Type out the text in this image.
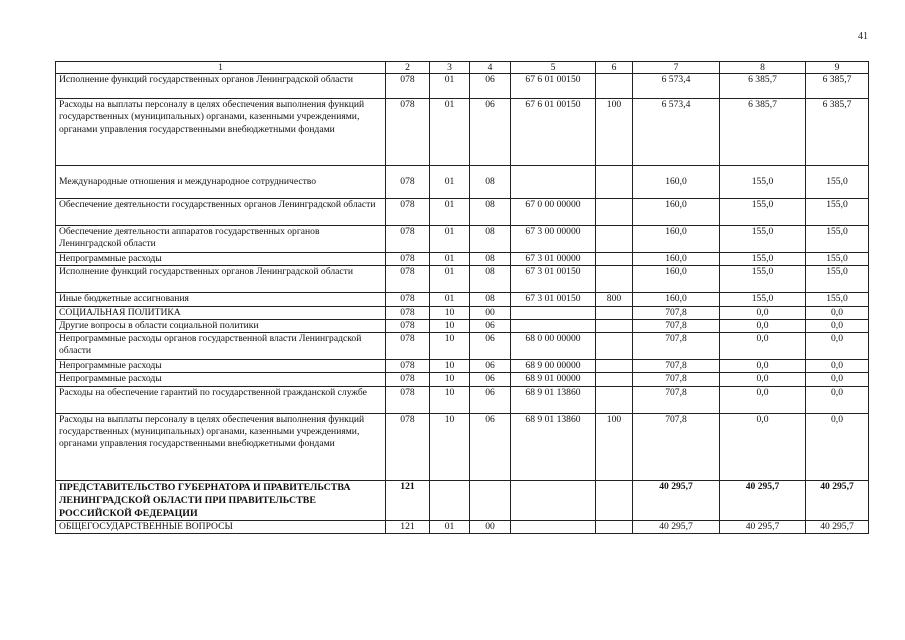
41
1	2	3	4	5	6	7	8	9
Исполнение функций государственных органов Ленинградской области	078	01	06	67 6 01 00150		6 573,4	6 385,7	6 385,7
Расходы на выплаты персоналу в целях обеспечения выполнения функций государственных (муниципальных) органами, казенными учреждениями, органами управления государственными внебюджетными фондами	078	01	06	67 6 01 00150	100	6 573,4	6 385,7	6 385,7
Международные отношения и международное сотрудничество	078	01	08			160,0	155,0	155,0
Обеспечение деятельности государственных органов Ленинградской области	078	01	08	67 0 00 00000		160,0	155,0	155,0
Обеспечение деятельности аппаратов государственных органов Ленинградской области	078	01	08	67 3 00 00000		160,0	155,0	155,0
Непрограммные расходы	078	01	08	67 3 01 00000		160,0	155,0	155,0
Исполнение функций государственных органов Ленинградской области	078	01	08	67 3 01 00150		160,0	155,0	155,0
Иные бюджетные ассигнования	078	01	08	67 3 01 00150	800	160,0	155,0	155,0
СОЦИАЛЬНАЯ ПОЛИТИКА	078	10	00			707,8	0,0	0,0
Другие вопросы в области социальной политики	078	10	06			707,8	0,0	0,0
Непрограммные расходы органов государственной власти Ленинградской области	078	10	06	68 0 00 00000		707,8	0,0	0,0
Непрограммные расходы	078	10	06	68 9 00 00000		707,8	0,0	0,0
Непрограммные расходы	078	10	06	68 9 01 00000		707,8	0,0	0,0
Расходы на обеспечение гарантий по государственной гражданской службе	078	10	06	68 9 01 13860		707,8	0,0	0,0
Расходы на выплаты персоналу в целях обеспечения выполнения функций государственных (муниципальных) органами, казенными учреждениями, органами управления государственными внебюджетными фондами	078	10	06	68 9 01 13860	100	707,8	0,0	0,0
ПРЕДСТАВИТЕЛЬСТВО ГУБЕРНАТОРА И ПРАВИТЕЛЬСТВА ЛЕНИНГРАДСКОЙ ОБЛАСТИ ПРИ ПРАВИТЕЛЬСТВЕ РОССИЙСКОЙ ФЕДЕРАЦИИ	121					40 295,7	40 295,7	40 295,7
ОБЩЕГОСУДАРСТВЕННЫЕ ВОПРОСЫ	121	01	00			40 295,7	40 295,7	40 295,7
